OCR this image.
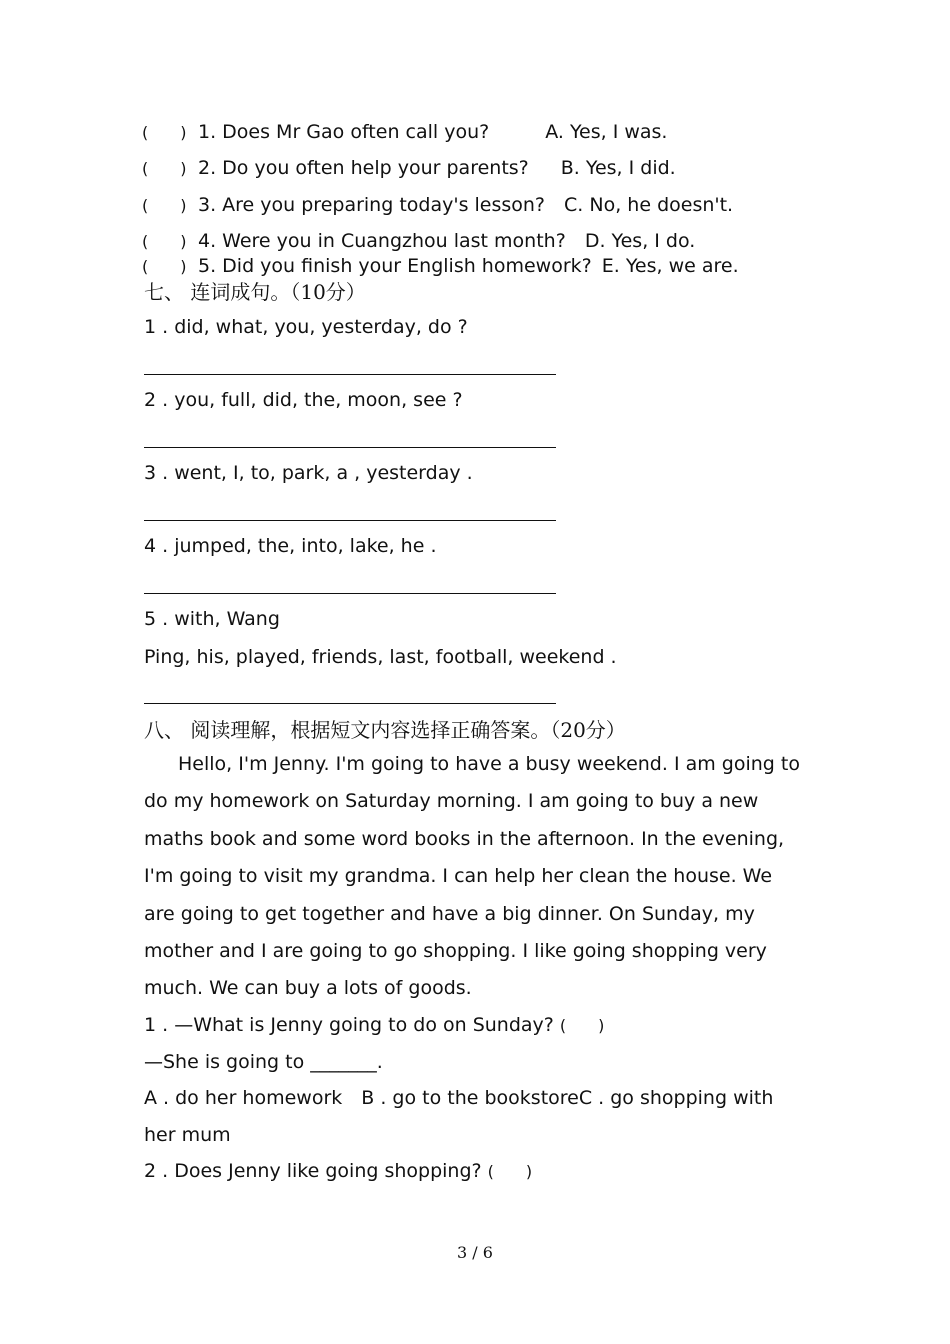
(　　) 1. Does Mr Gao often call you?	A. Yes, I was.
(　　) 2. Do you often help your parents? B. Yes, I did.
(　　) 3. Are you preparing today's lesson? C. No, he doesn't.
(　　) 4. Were you in Cuangzhou last month? D. Yes, I do.
(　　) 5. Did you finish your English homework? E. Yes, we are.
七、 连词成句。（10分）
1 . did, what, you, yesterday, do ?
2 . you, full, did, the, moon, see ?
3 . went, I, to, park, a , yesterday .
4 . jumped, the, into, lake, he .
5 . with, Wang
Ping, his, played, friends, last, football, weekend .
八、 阅读理解，根据短文内容选择正确答案。（20分）

Hello, I'm Jenny. I'm going to have a busy weekend. I am going to do my homework on Saturday morning. I am going to buy a new maths book and some word books in the afternoon. In the evening, I'm going to visit my grandma. I can help her clean the house. We are going to get together and have a big dinner. On Sunday, my mother and I are going to go shopping. I like going shopping very much. We can buy a lots of goods.

1 . —What is Jenny going to do on Sunday? (　　)
—She is going to _______.
A . do her homework　B . go to the bookstoreC . go shopping with
her mum
2 . Does Jenny like going shopping? (　　)
3 / 6
